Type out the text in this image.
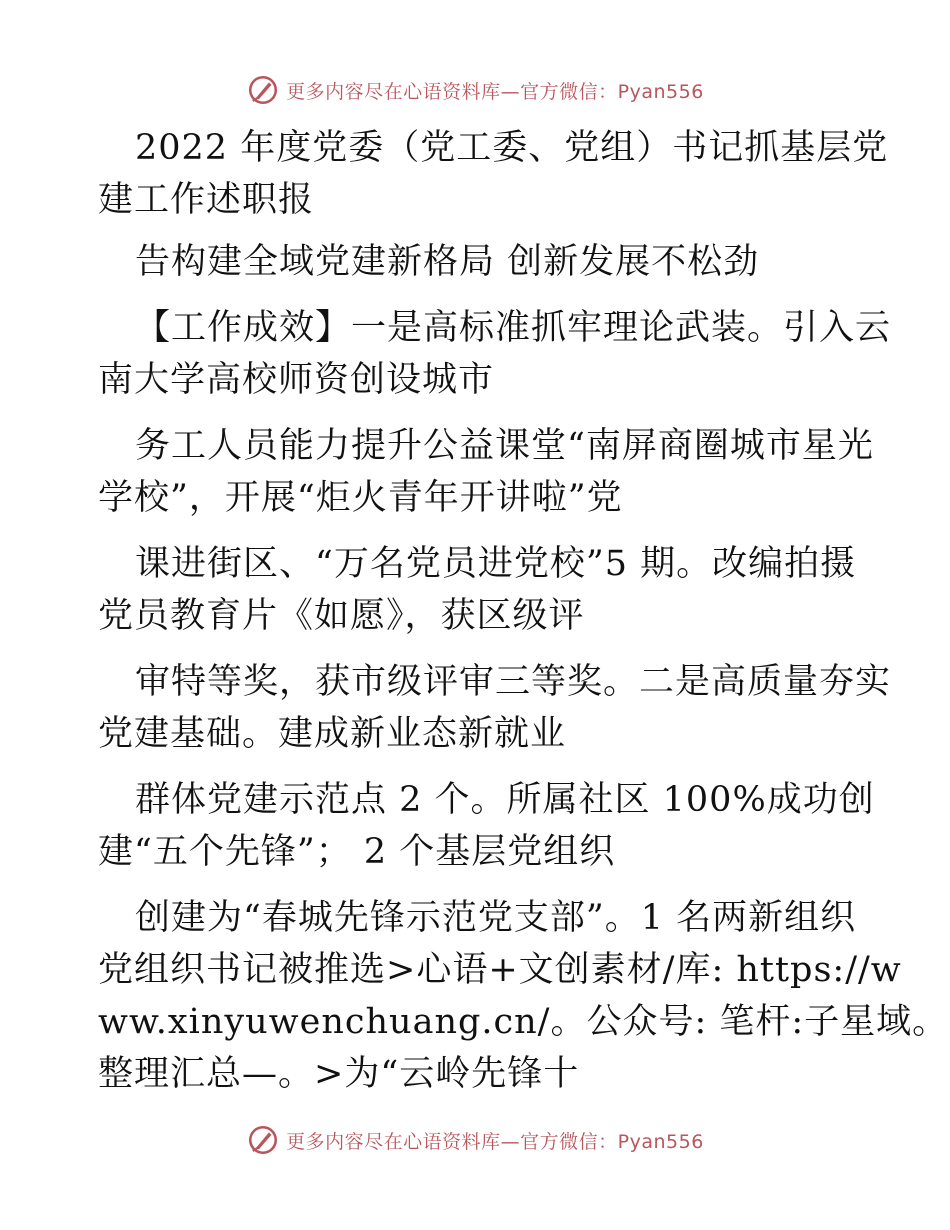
更多内容尽在心语资料库—官方微信：Pyan556
2022 年度党委（党工委、党组）书记抓基层党
建工作述职报
告构建全域党建新格局 创新发展不松劲
【工作成效】一是高标准抓牢理论武装。引入云
南大学高校师资创设城市
务工人员能力提升公益课堂“南屏商圈城市星光
学校”，开展“炬火青年开讲啦”党
课进街区、“万名党员进党校”5 期。改编拍摄
党员教育片《如愿》，获区级评
审特等奖，获市级评审三等奖。二是高质量夯实
党建基础。建成新业态新就业
群体党建示范点 2 个。所属社区 100%成功创
建“五个先锋”； 2 个基层党组织
创建为“春城先锋示范党支部”。1 名两新组织
党组织书记被推选>心语+文创素材/库: https://w
ww.xinyuwenchuang.cn/。公众号: 笔杆:子星域。
整理汇总—。>为“云岭先锋十
更多内容尽在心语资料库—官方微信：Pyan556
